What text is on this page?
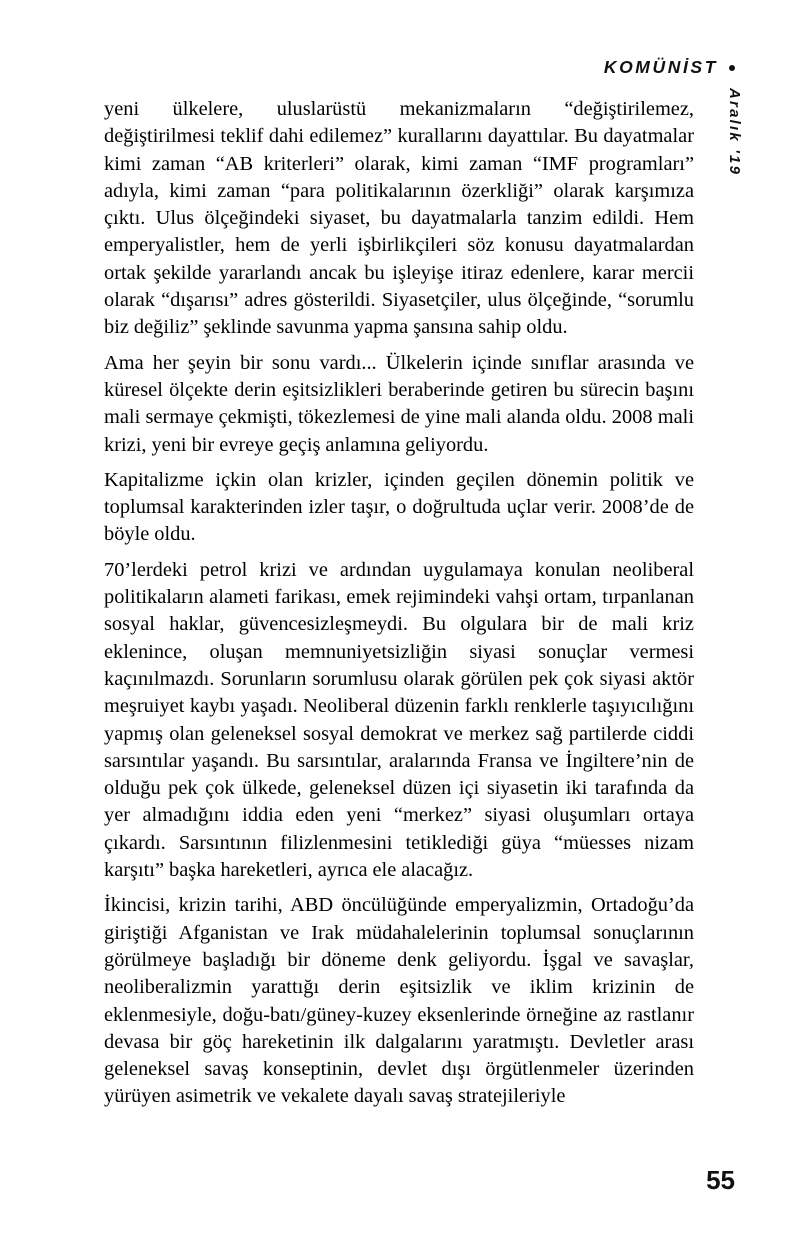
KOMÜNİST
Aralık '19

yeni ülkelere, uluslarüstü mekanizmaların “değiştirilemez, değiştirilmesi teklif dahi edilemez” kurallarını dayattılar. Bu dayatmalar kimi zaman “AB kriterleri” olarak, kimi zaman “IMF programları” adıyla, kimi zaman “para politikalarının özerkliği” olarak karşımıza çıktı. Ulus ölçeğindeki siyaset, bu dayatmalarla tanzim edildi. Hem emperyalistler, hem de yerli işbirlikçileri söz konusu dayatmalardan ortak şekilde yararlandı ancak bu işleyişe itiraz edenlere, karar mercii olarak “dışarısı” adres gösterildi. Siyasetçiler, ulus ölçeğinde, “sorumlu biz değiliz” şeklinde savunma yapma şansına sahip oldu.

Ama her şeyin bir sonu vardı... Ülkelerin içinde sınıflar arasında ve küresel ölçekte derin eşitsizlikleri beraberinde getiren bu sürecin başını mali sermaye çekmişti, tökezlemesi de yine mali alanda oldu. 2008 mali krizi, yeni bir evreye geçiş anlamına geliyordu.

Kapitalizme içkin olan krizler, içinden geçilen dönemin politik ve toplumsal karakterinden izler taşır, o doğrultuda uçlar verir. 2008’de de böyle oldu.

70’lerdeki petrol krizi ve ardından uygulamaya konulan neoliberal politikaların alameti farikası, emek rejimindeki vahşi ortam, tırpanlanan sosyal haklar, güvencesizleşmeydi. Bu olgulara bir de mali kriz eklenince, oluşan memnuniyetsizliğin siyasi sonuçlar vermesi kaçınılmazdı. Sorunların sorumlusu olarak görülen pek çok siyasi aktör meşruiyet kaybı yaşadı. Neoliberal düzenin farklı renklerle taşıyıcılığını yapmış olan geleneksel sosyal demokrat ve merkez sağ partilerde ciddi sarsıntılar yaşandı. Bu sarsıntılar, aralarında Fransa ve İngiltere’nin de olduğu pek çok ülkede, geleneksel düzen içi siyasetin iki tarafında da yer almadığını iddia eden yeni “merkez” siyasi oluşumları ortaya çıkardı. Sarsıntının filizlenmesini tetiklediği güya “müesses nizam karşıtı” başka hareketleri, ayrıca ele alacağız.

İkincisi, krizin tarihi, ABD öncülüğünde emperyalizmin, Ortadoğu’da giriştiği Afganistan ve Irak müdahalelerinin toplumsal sonuçlarının görülmeye başladığı bir döneme denk geliyordu. İşgal ve savaşlar, neoliberalizmin yarattığı derin eşitsizlik ve iklim krizinin de eklenmesiyle, doğu-batı/güney-kuzey eksenlerinde örneğine az rastlanır devasa bir göç hareketinin ilk dalgalarını yaratmıştı. Devletler arası geleneksel savaş konseptinin, devlet dışı örgütlenmeler üzerinden yürüyen asimetrik ve vekalete dayalı savaş stratejileriyle

55
